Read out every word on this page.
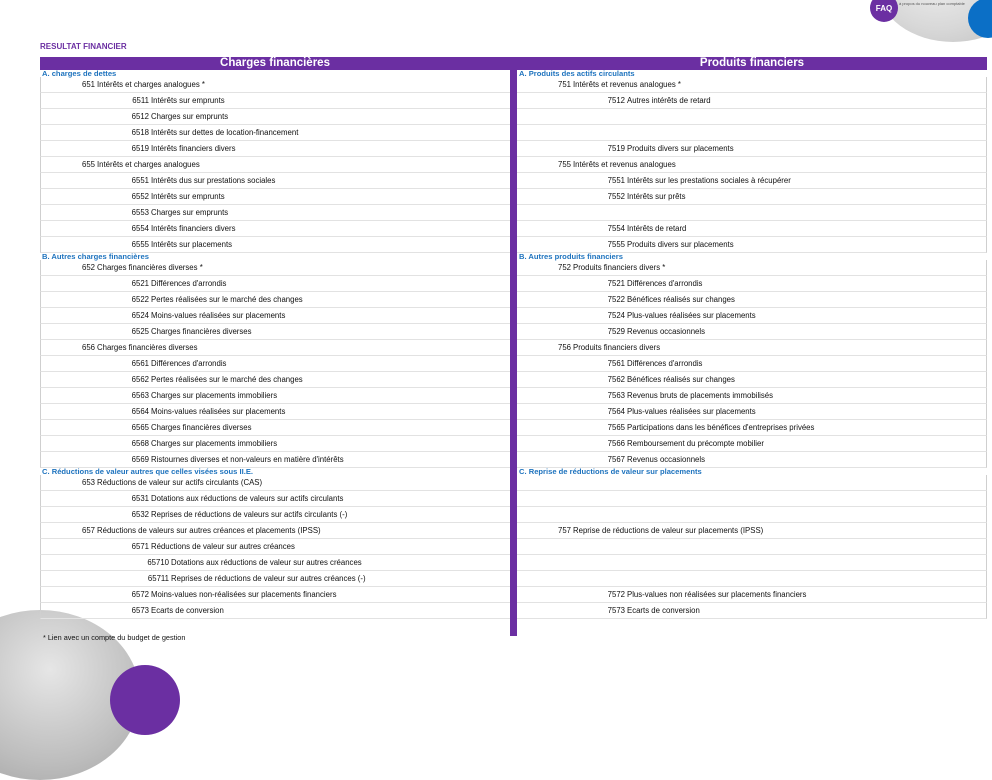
FAQ à propos du nouveau plan comptable
RESULTAT FINANCIER
Charges financières
A. charges de dettes
651 Intérêts et charges analogues *
6511 Intérêts sur emprunts
6512 Charges sur emprunts
6518 Intérêts sur dettes de location-financement
6519 Intérêts financiers divers
655 Intérêts et charges analogues
6551 Intérêts dus sur prestations sociales
6552 Intérêts sur emprunts
6553 Charges sur emprunts
6554 Intérêts financiers divers
6555 Intérêts sur placements
B. Autres charges financières
652 Charges financières diverses *
6521 Différences d'arrondis
6522 Pertes réalisées sur le marché des changes
6524 Moins-values réalisées sur placements
6525 Charges financières diverses
656 Charges financières diverses
6561 Différences d'arrondis
6562 Pertes réalisées sur le marché des changes
6563 Charges sur placements immobiliers
6564 Moins-values réalisées sur placements
6565 Charges financières diverses
6568 Charges sur placements immobiliers
6569 Ristournes diverses et non-valeurs en matière d'intérêts
C. Réductions de valeur autres que celles visées sous II.E.
653 Réductions de valeur sur actifs circulants (CAS)
6531 Dotations aux réductions de valeurs sur actifs circulants
6532 Reprises de réductions de valeurs sur actifs circulants (-)
657 Réductions de valeurs sur autres créances et placements (IPSS)
6571 Réductions de valeur sur autres créances
65710 Dotations aux réductions de valeur sur autres créances
65711 Reprises de réductions de valeur sur autres créances (-)
6572 Moins-values non-réalisées sur placements financiers
6573 Ecarts de conversion
Produits financiers
A. Produits des actifs circulants
751 Intérêts et revenus analogues *
7512 Autres intérêts de retard
7519 Produits divers sur placements
755 Intérêts et revenus analogues
7551 Intérêts sur les prestations sociales à récupérer
7552 Intérêts sur prêts
7554 Intérêts de retard
7555 Produits divers sur placements
B. Autres produits financiers
752 Produits financiers divers *
7521 Différences d'arrondis
7522 Bénéfices réalisés sur changes
7524 Plus-values réalisées sur placements
7529 Revenus occasionnels
756 Produits financiers divers
7561 Différences d'arrondis
7562 Bénéfices réalisés sur changes
7563 Revenus bruts de placements immobilisés
7564 Plus-values réalisées sur placements
7565 Participations dans les bénéfices d'entreprises privées
7566 Remboursement du précompte mobilier
7567 Revenus occasionnels
C. Reprise de réductions de valeur sur placements
757 Reprise de réductions de valeur sur placements (IPSS)
7572 Plus-values non réalisées sur placements financiers
7573 Ecarts de conversion
* Lien avec un compte du budget de gestion
